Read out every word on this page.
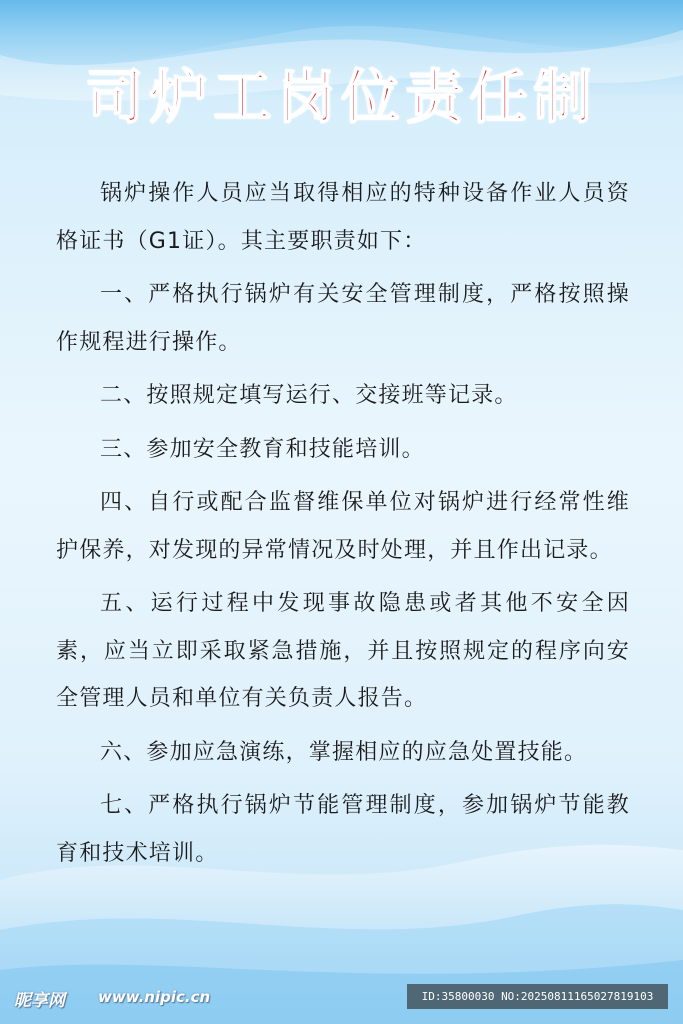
司炉工岗位责任制

锅炉操作人员应当取得相应的特种设备作业人员资格证书（G1证）。其主要职责如下：

一、严格执行锅炉有关安全管理制度，严格按照操作规程进行操作。

二、按照规定填写运行、交接班等记录。

三、参加安全教育和技能培训。

四、自行或配合监督维保单位对锅炉进行经常性维护保养，对发现的异常情况及时处理，并且作出记录。

五、运行过程中发现事故隐患或者其他不安全因素，应当立即采取紧急措施，并且按照规定的程序向安全管理人员和单位有关负责人报告。

六、参加应急演练，掌握相应的应急处置技能。

七、严格执行锅炉节能管理制度，参加锅炉节能教育和技术培训。

昵享网 www.nipic.cn	ID:35800030 NO:20250811165027819103
